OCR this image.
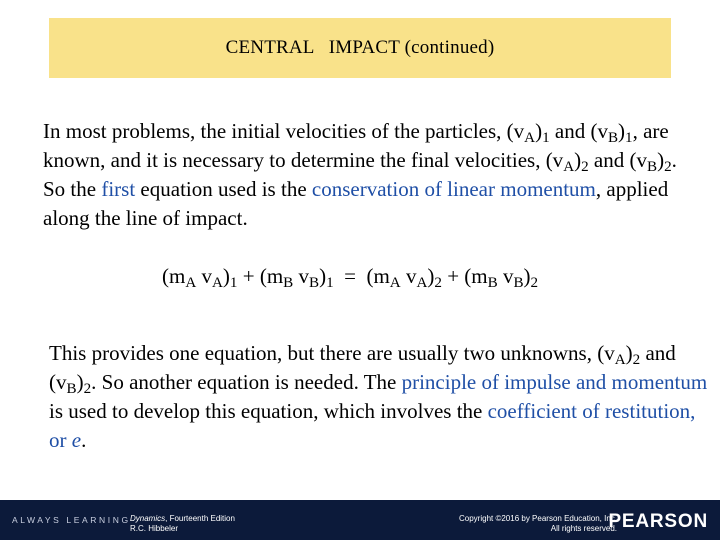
CENTRAL   IMPACT (continued)

In most problems, the initial velocities of the particles, $(v_A)_1$ and $(v_B)_1$, are known, and it is necessary to determine the final velocities, $(v_A)_2$ and $(v_B)_2$. So the first equation used is the conservation of linear momentum, applied along the line of impact.

($m_A$ $v_A)_1 + (m_B$ $v_B)_1 = (m_A$ $v_A)_2 + (m_B$ $v_B)_2$

This provides one equation, but there are usually two unknowns, $(v_A)_2$ and $(v_B)_2$. So another equation is needed. The principle of impulse and momentum is used to develop this equation, which involves the coefficient of restitution, or e.

ALWAYS LEARNING Dynamics, Fourteenth Edition
R.C. Hibbeler
Copyright ©2016 by Pearson Education, Inc.
All rights reserved.
PEARSON
